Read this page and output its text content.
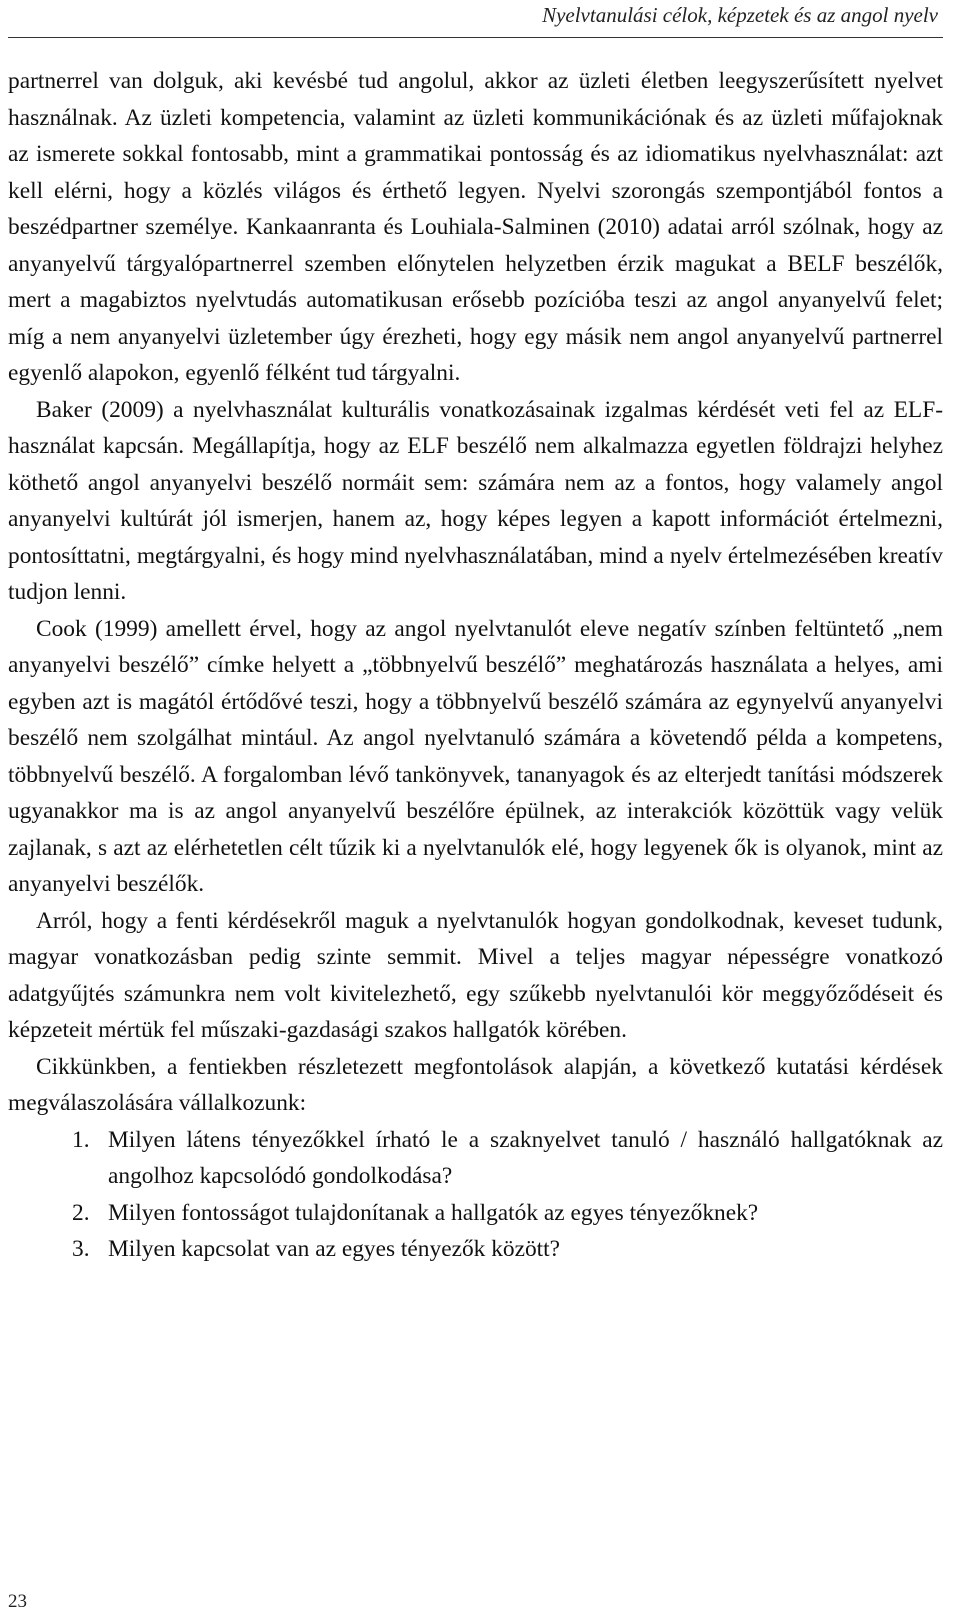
Nyelvtanulási célok, képzetek és az angol nyelv

partnerrel van dolguk, aki kevésbé tud angolul, akkor az üzleti életben leegyszerűsített nyelvet használnak. Az üzleti kompetencia, valamint az üzleti kommunikációnak és az üzleti műfajoknak az ismerete sokkal fontosabb, mint a grammatikai pontosság és az idiomatikus nyelvhasználat: azt kell elérni, hogy a közlés világos és érthető legyen. Nyelvi szorongás szempontjából fontos a beszédpartner személye. Kankaanranta és Louhiala-Salminen (2010) adatai arról szólnak, hogy az anyanyelvű tárgyalópartnerrel szemben előnytelen helyzetben érzik magukat a BELF beszélők, mert a magabiztos nyelvtudás automatikusan erősebb pozícióba teszi az angol anyanyelvű felet; míg a nem anyanyelvi üzletember úgy érezheti, hogy egy másik nem angol anyanyelvű partnerrel egyenlő alapokon, egyenlő félként tud tárgyalni.

Baker (2009) a nyelvhasználat kulturális vonatkozásainak izgalmas kérdését veti fel az ELF-használat kapcsán. Megállapítja, hogy az ELF beszélő nem alkalmazza egyetlen földrajzi helyhez köthető angol anyanyelvi beszélő normáit sem: számára nem az a fontos, hogy valamely angol anyanyelvi kultúrát jól ismerjen, hanem az, hogy képes legyen a kapott információt értelmezni, pontosíttatni, megtárgyalni, és hogy mind nyelvhasználatában, mind a nyelv értelmezésében kreatív tudjon lenni.

Cook (1999) amellett érvel, hogy az angol nyelvtanulót eleve negatív színben feltüntető „nem anyanyelvi beszélő” címke helyett a „többnyelvű beszélő” meghatározás használata a helyes, ami egyben azt is magától értődővé teszi, hogy a többnyelvű beszélő számára az egynyelvű anyanyelvi beszélő nem szolgálhat mintául. Az angol nyelvtanuló számára a követendő példa a kompetens, többnyelvű beszélő. A forgalomban lévő tankönyvek, tananyagok és az elterjedt tanítási módszerek ugyanakkor ma is az angol anyanyelvű beszélőre épülnek, az interakciók közöttük vagy velük zajlanak, s azt az elérhetetlen célt tűzik ki a nyelvtanulók elé, hogy legyenek ők is olyanok, mint az anyanyelvi beszélők.

Arról, hogy a fenti kérdésekről maguk a nyelvtanulók hogyan gondolkodnak, keveset tudunk, magyar vonatkozásban pedig szinte semmit. Mivel a teljes magyar népességre vonatkozó adatgyűjtés számunkra nem volt kivitelezhető, egy szűkebb nyelvtanulói kör meggyőződéseit és képzeteit mértük fel műszaki-gazdasági szakos hallgatók körében.

Cikkünkben, a fentiekben részletezett megfontolások alapján, a következő kutatási kérdések megválaszolására vállalkozunk:

1. Milyen látens tényezőkkel írható le a szaknyelvet tanuló / használó hallgatóknak az angolhoz kapcsolódó gondolkodása?
2. Milyen fontosságot tulajdonítanak a hallgatók az egyes tényezőknek?
3. Milyen kapcsolat van az egyes tényezők között?
23
